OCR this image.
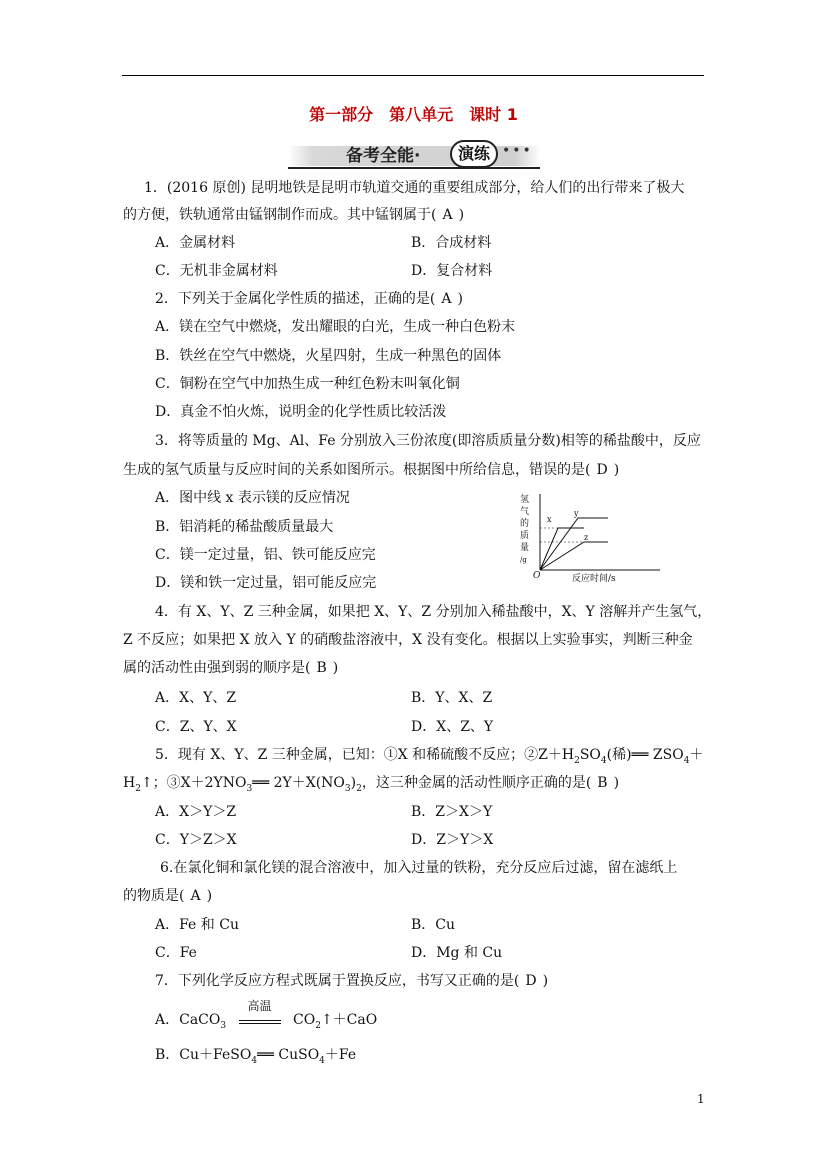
第一部分　第八单元　课时 1
备考全能·	演练 •••
1．(2016 原创) 昆明地铁是昆明市轨道交通的重要组成部分，给人们的出行带来了极大
的方便，铁轨通常由锰钢制作而成。其中锰钢属于( A )
A．金属材料	B．合成材料
C．无机非金属材料	D．复合材料
2．下列关于金属化学性质的描述，正确的是( A )
A．镁在空气中燃烧，发出耀眼的白光，生成一种白色粉末
B．铁丝在空气中燃烧，火星四射，生成一种黑色的固体
C．铜粉在空气中加热生成一种红色粉末叫氧化铜
D．真金不怕火炼，说明金的化学性质比较活泼
3．将等质量的 Mg、Al、Fe 分别放入三份浓度(即溶质质量分数)相等的稀盐酸中，反应
生成的氢气质量与反应时间的关系如图所示。根据图中所给信息，错误的是( D )
A．图中线 x 表示镁的反应情况
B．铝消耗的稀盐酸质量最大
C．镁一定过量，铝、铁可能反应完
D．镁和铁一定过量，铝可能反应完
氢
气
的
质
量
/g
O	反应时间/s
x
y
z
4．有 X、Y、Z 三种金属，如果把 X、Y、Z 分别加入稀盐酸中，X、Y 溶解并产生氢气，
Z 不反应；如果把 X 放入 Y 的硝酸盐溶液中，X 没有变化。根据以上实验事实，判断三种金
属的活动性由强到弱的顺序是( B )
A．X、Y、Z	B．Y、X、Z
C．Z、Y、X	D．X、Z、Y
5．现有 X、Y、Z 三种金属，已知：①X 和稀硫酸不反应；$②Z+H_2SO_4$(稀)══ $ZSO_4+$
$H_2↑$；$③X+2YNO_3══$ $2Y+X(NO_3)_2$，这三种金属的活动性顺序正确的是( B )
A．X＞Y＞Z	B．Z＞X＞Y
C．Y＞Z＞X	D．Z＞Y＞X
6.在氯化铜和氯化镁的混合溶液中，加入过量的铁粉，充分反应后过滤，留在滤纸上
的物质是( A )
A．Fe 和 Cu	B．Cu
C．Fe	D．Mg 和 Cu
7．下列化学反应方程式既属于置换反应，书写又正确的是( D )
A．CaCO$_3$
高温
$CO_2↑+CaO$
B．Cu＋FeSO$_4$══ CuSO$_4$＋Fe
1
